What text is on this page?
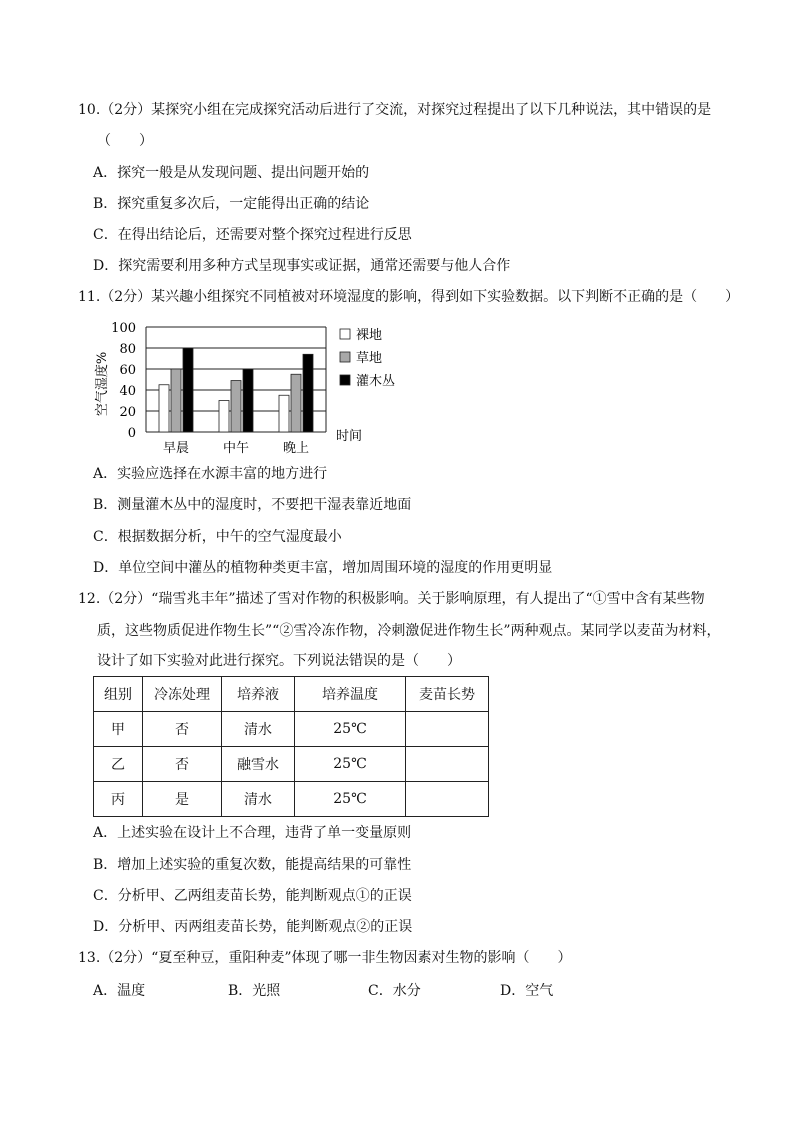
10.（2分）某探究小组在完成探究活动后进行了交流，对探究过程提出了以下几种说法，其中错误的是
（　　）
A．探究一般是从发现问题、提出问题开始的
B．探究重复多次后，一定能得出正确的结论
C．在得出结论后，还需要对整个探究过程进行反思
D．探究需要利用多种方式呈现事实或证据，通常还需要与他人合作
11.（2分）某兴趣小组探究不同植被对环境湿度的影响，得到如下实验数据。以下判断不正确的是（　　）
0
20
40
60
80
100
早晨	中午	晚上
裸地
草地
灌木丛
空气湿度%
时间
A．实验应选择在水源丰富的地方进行
B．测量灌木丛中的湿度时，不要把干湿表靠近地面
C．根据数据分析，中午的空气湿度最小
D．单位空间中灌丛的植物种类更丰富，增加周围环境的湿度的作用更明显
12.（2分）“瑞雪兆丰年”描述了雪对作物的积极影响。关于影响原理，有人提出了“①雪中含有某些物
质，这些物质促进作物生长”“②雪冷冻作物，冷刺激促进作物生长”两种观点。某同学以麦苗为材料，
设计了如下实验对此进行探究。下列说法错误的是（　　）
组别	冷冻处理	培养液	培养温度	麦苗长势
甲	否	清水	25℃	
乙	否	融雪水	25℃	
丙	是	清水	25℃	
A．上述实验在设计上不合理，违背了单一变量原则
B．增加上述实验的重复次数，能提高结果的可靠性
C．分析甲、乙两组麦苗长势，能判断观点①的正误
D．分析甲、丙两组麦苗长势，能判断观点②的正误
13.（2分）“夏至种豆，重阳种麦”体现了哪一非生物因素对生物的影响（　　）
A．温度	B．光照	C．水分	D．空气
